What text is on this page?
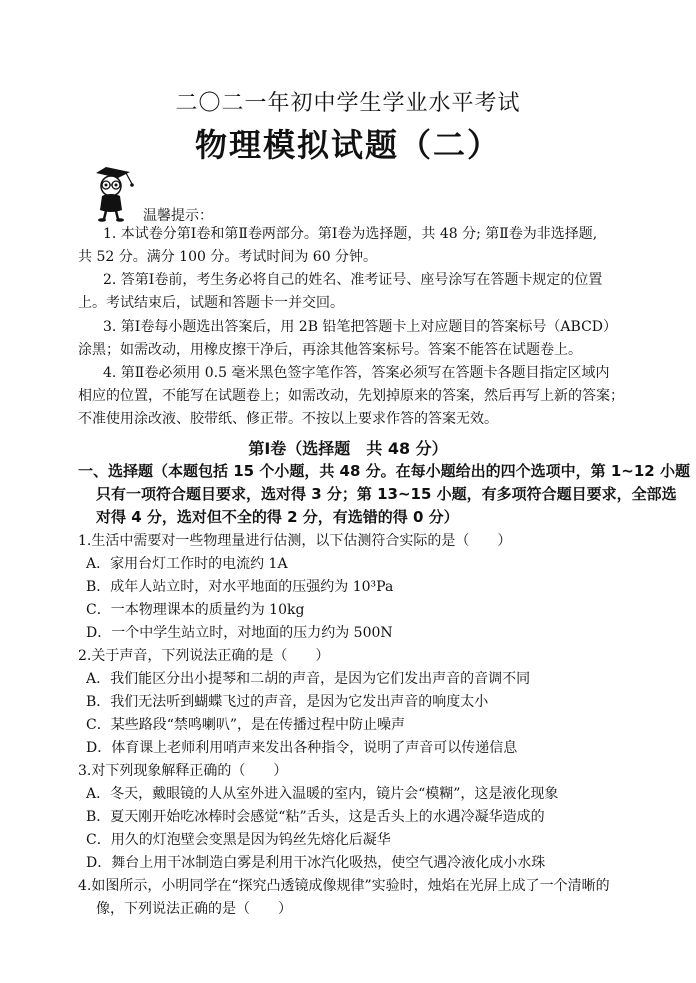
二〇二一年初中学生学业水平考试
物理模拟试题（二）
温馨提示：
1. 本试卷分第Ⅰ卷和第Ⅱ卷两部分。第Ⅰ卷为选择题，共 48 分; 第Ⅱ卷为非选择题,
共 52 分。满分 100 分。考试时间为 60 分钟。
2. 答第Ⅰ卷前，考生务必将自己的姓名、准考证号、座号涂写在答题卡规定的位置
上。考试结束后，试题和答题卡一并交回。
3. 第Ⅰ卷每小题选出答案后，用 2B 铅笔把答题卡上对应题目的答案标号（ABCD）
涂黑；如需改动，用橡皮擦干净后，再涂其他答案标号。答案不能答在试题卷上。
4. 第Ⅱ卷必须用 0.5 毫米黑色签字笔作答，答案必须写在答题卡各题目指定区域内
相应的位置，不能写在试题卷上；如需改动，先划掉原来的答案，然后再写上新的答案；
不准使用涂改液、胶带纸、修正带。不按以上要求作答的答案无效。
第Ⅰ卷（选择题　共 48 分）
一、选择题（本题包括 15 个小题，共 48 分。在每小题给出的四个选项中，第 1~12 小题
只有一项符合题目要求，选对得 3 分；第 13~15 小题，有多项符合题目要求，全部选
对得 4 分，选对但不全的得 2 分，有选错的得 0 分）
1.生活中需要对一些物理量进行估测，以下估测符合实际的是（　　）
A．家用台灯工作时的电流约 1A
B．成年人站立时，对水平地面的压强约为 10³Pa
C．一本物理课本的质量约为 10kg
D．一个中学生站立时，对地面的压力约为 500N
2.关于声音，下列说法正确的是（　　）
A．我们能区分出小提琴和二胡的声音，是因为它们发出声音的音调不同
B．我们无法听到蝴蝶飞过的声音，是因为它发出声音的响度太小
C．某些路段“禁鸣喇叭”，是在传播过程中防止噪声
D．体育课上老师利用哨声来发出各种指令，说明了声音可以传递信息
3.对下列现象解释正确的（　　）
A．冬天，戴眼镜的人从室外进入温暖的室内，镜片会“模糊”，这是液化现象
B．夏天刚开始吃冰棒时会感觉“粘”舌头，这是舌头上的水遇冷凝华造成的
C．用久的灯泡壁会变黑是因为钨丝先熔化后凝华
D．舞台上用干冰制造白雾是利用干冰汽化吸热，使空气遇冷液化成小水珠
4.如图所示，小明同学在“探究凸透镜成像规律”实验时，烛焰在光屏上成了一个清晰的
像，下列说法正确的是（　　）
